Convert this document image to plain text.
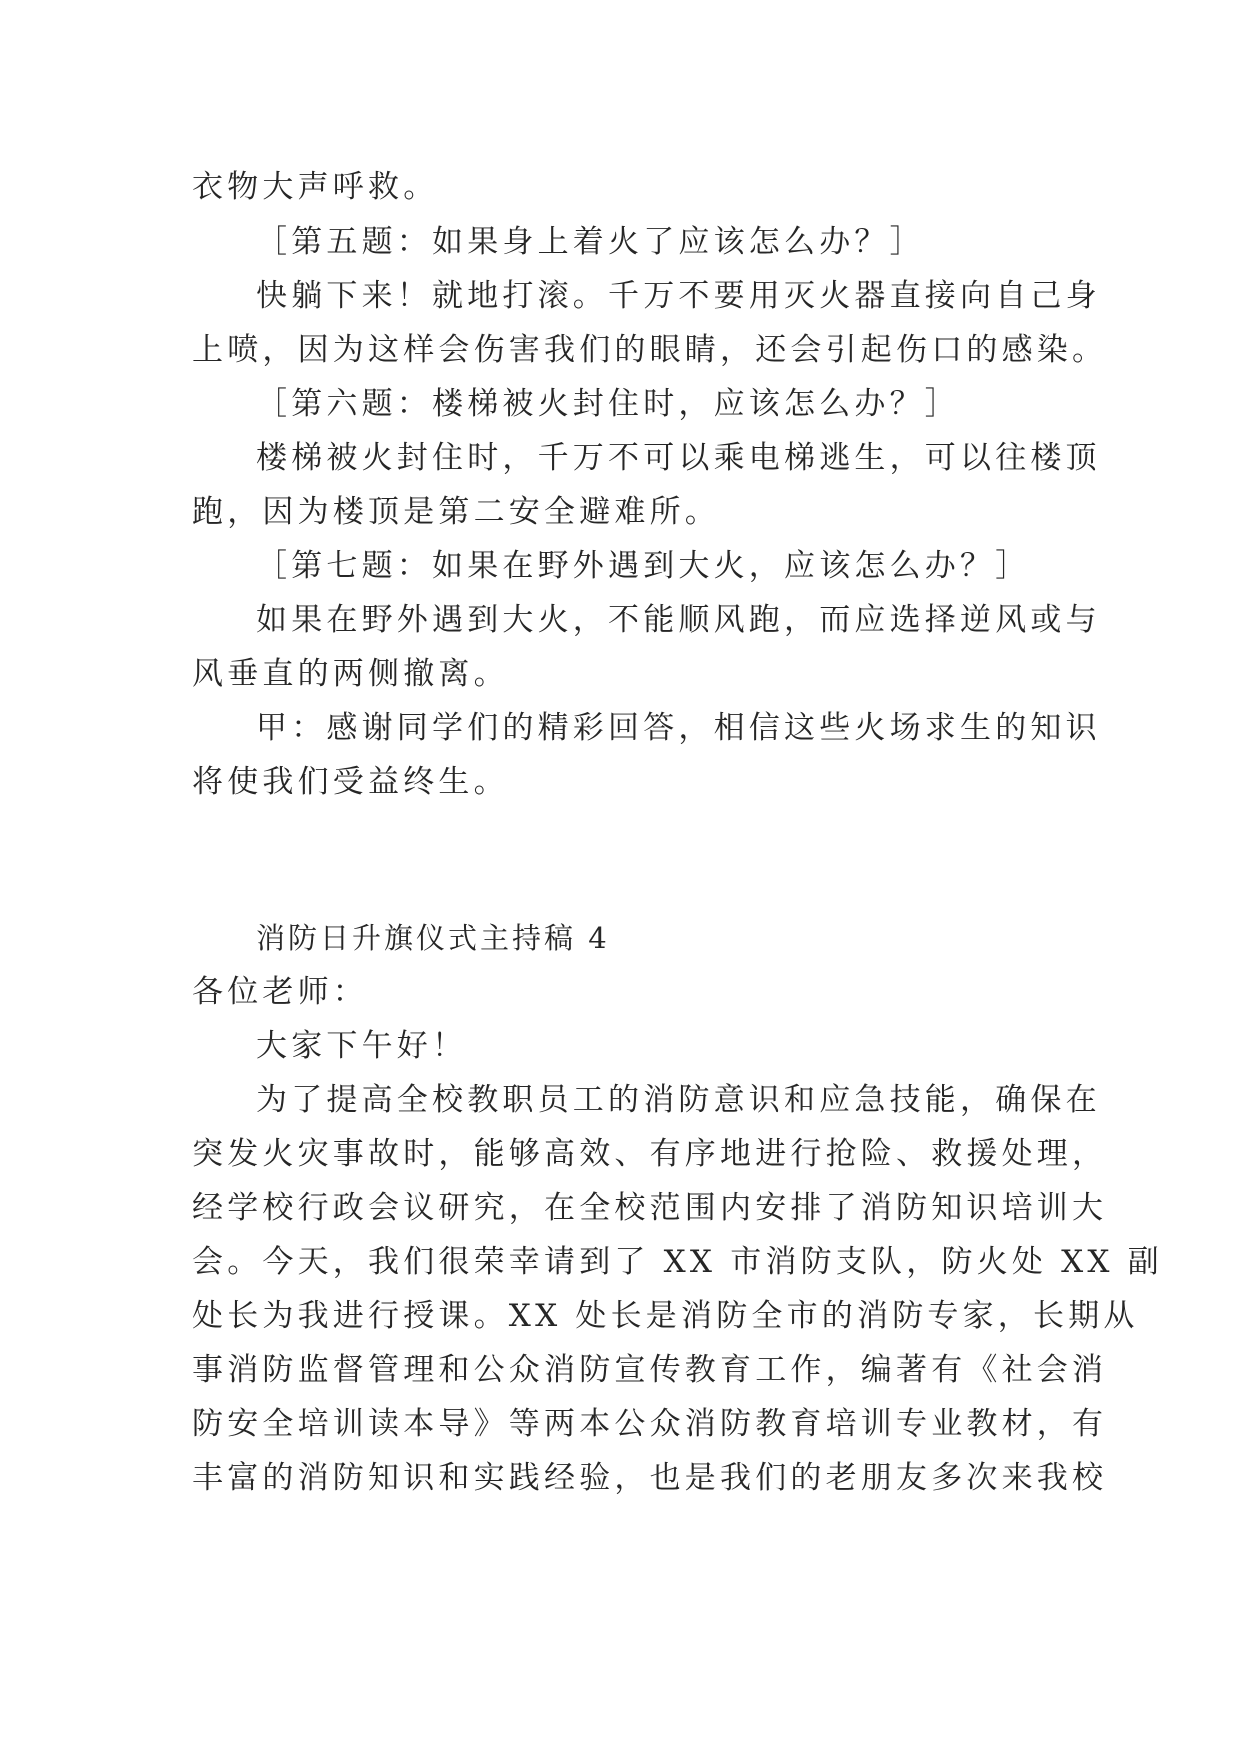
衣物大声呼救。
［第五题：如果身上着火了应该怎么办？］
快躺下来！就地打滚。千万不要用灭火器直接向自己身
上喷，因为这样会伤害我们的眼睛，还会引起伤口的感染。
［第六题：楼梯被火封住时，应该怎么办？］
楼梯被火封住时，千万不可以乘电梯逃生，可以往楼顶
跑，因为楼顶是第二安全避难所。
［第七题：如果在野外遇到大火，应该怎么办？］
如果在野外遇到大火，不能顺风跑，而应选择逆风或与
风垂直的两侧撤离。
甲：感谢同学们的精彩回答，相信这些火场求生的知识
将使我们受益终生。
消防日升旗仪式主持稿 4
各位老师：
大家下午好！
为了提高全校教职员工的消防意识和应急技能，确保在
突发火灾事故时，能够高效、有序地进行抢险、救援处理，
经学校行政会议研究，在全校范围内安排了消防知识培训大
会。今天，我们很荣幸请到了 XX 市消防支队，防火处 XX 副
处长为我进行授课。XX 处长是消防全市的消防专家，长期从
事消防监督管理和公众消防宣传教育工作，编著有《社会消
防安全培训读本导》等两本公众消防教育培训专业教材，有
丰富的消防知识和实践经验，也是我们的老朋友多次来我校
